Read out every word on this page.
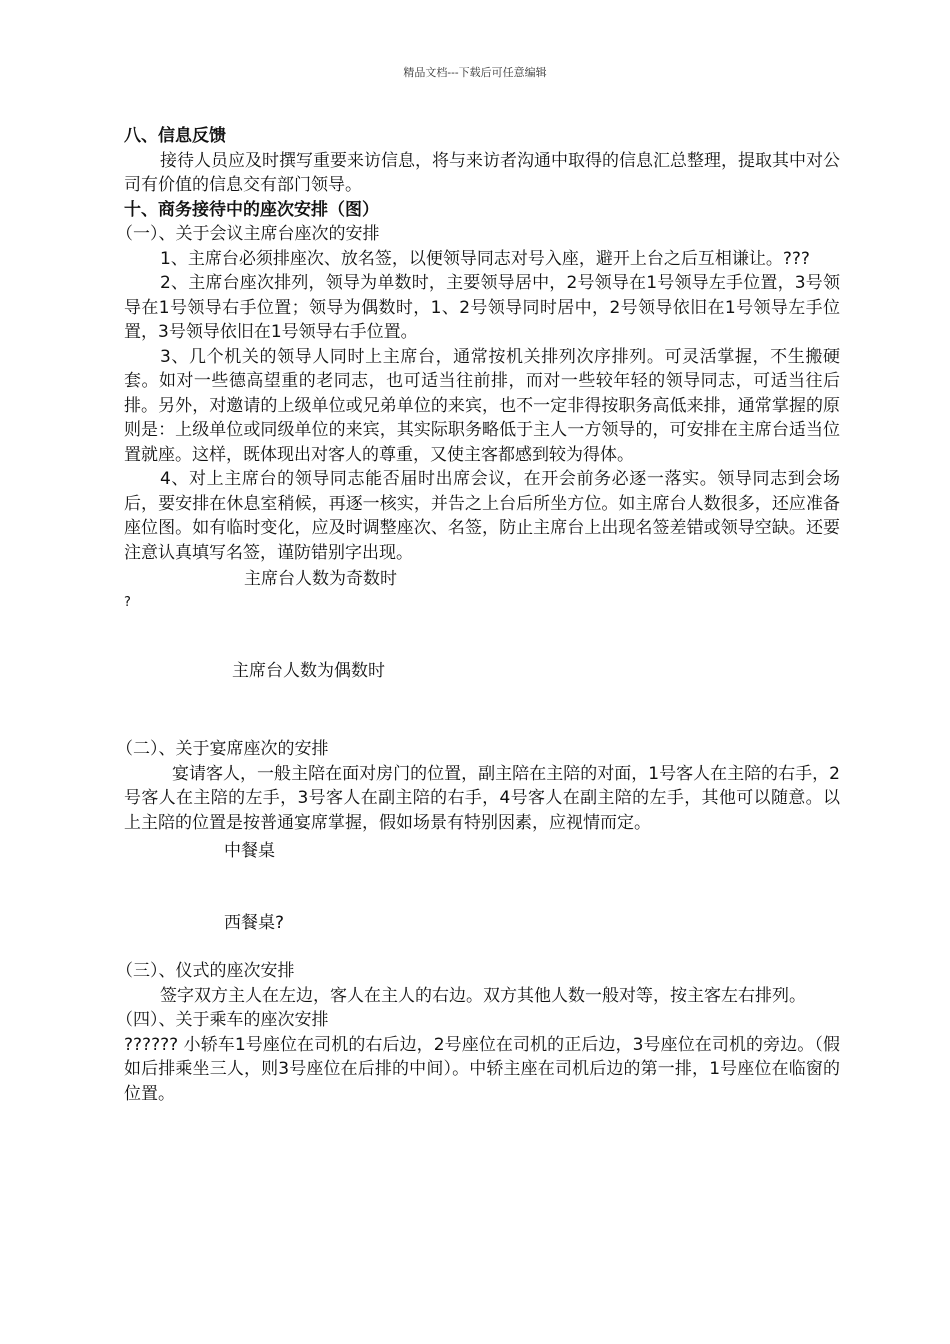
精品文档---下载后可任意编辑

八、信息反馈

接待人员应及时撰写重要来访信息，将与来访者沟通中取得的信息汇总整理，提取其中对公司有价值的信息交有部门领导。

十、商务接待中的座次安排（图）

（一）、关于会议主席台座次的安排

1、主席台必须排座次、放名签，以便领导同志对号入座，避开上台之后互相谦让。???

2、主席台座次排列，领导为单数时，主要领导居中，2号领导在1号领导左手位置，3号领导在1号领导右手位置；领导为偶数时，1、2号领导同时居中，2号领导依旧在1号领导左手位置，3号领导依旧在1号领导右手位置。

3、几个机关的领导人同时上主席台，通常按机关排列次序排列。可灵活掌握，不生搬硬套。如对一些德高望重的老同志，也可适当往前排，而对一些较年轻的领导同志，可适当往后排。另外，对邀请的上级单位或兄弟单位的来宾，也不一定非得按职务高低来排，通常掌握的原则是：上级单位或同级单位的来宾，其实际职务略低于主人一方领导的，可安排在主席台适当位置就座。这样，既体现出对客人的尊重，又使主客都感到较为得体。

4、对上主席台的领导同志能否届时出席会议，在开会前务必逐一落实。领导同志到会场后，要安排在休息室稍候，再逐一核实，并告之上台后所坐方位。如主席台人数很多，还应准备座位图。如有临时变化，应及时调整座次、名签，防止主席台上出现名签差错或领导空缺。还要注意认真填写名签，谨防错别字出现。

主席台人数为奇数时

?

主席台人数为偶数时

（二）、关于宴席座次的安排

宴请客人，一般主陪在面对房门的位置，副主陪在主陪的对面，1号客人在主陪的右手，2号客人在主陪的左手，3号客人在副主陪的右手，4号客人在副主陪的左手，其他可以随意。以上主陪的位置是按普通宴席掌握，假如场景有特别因素，应视情而定。

中餐桌

西餐桌?

（三）、仪式的座次安排

签字双方主人在左边，客人在主人的右边。双方其他人数一般对等，按主客左右排列。

（四）、关于乘车的座次安排

?????? 小轿车1号座位在司机的右后边，2号座位在司机的正后边，3号座位在司机的旁边。（假如后排乘坐三人，则3号座位在后排的中间）。中轿主座在司机后边的第一排，1号座位在临窗的位置。
